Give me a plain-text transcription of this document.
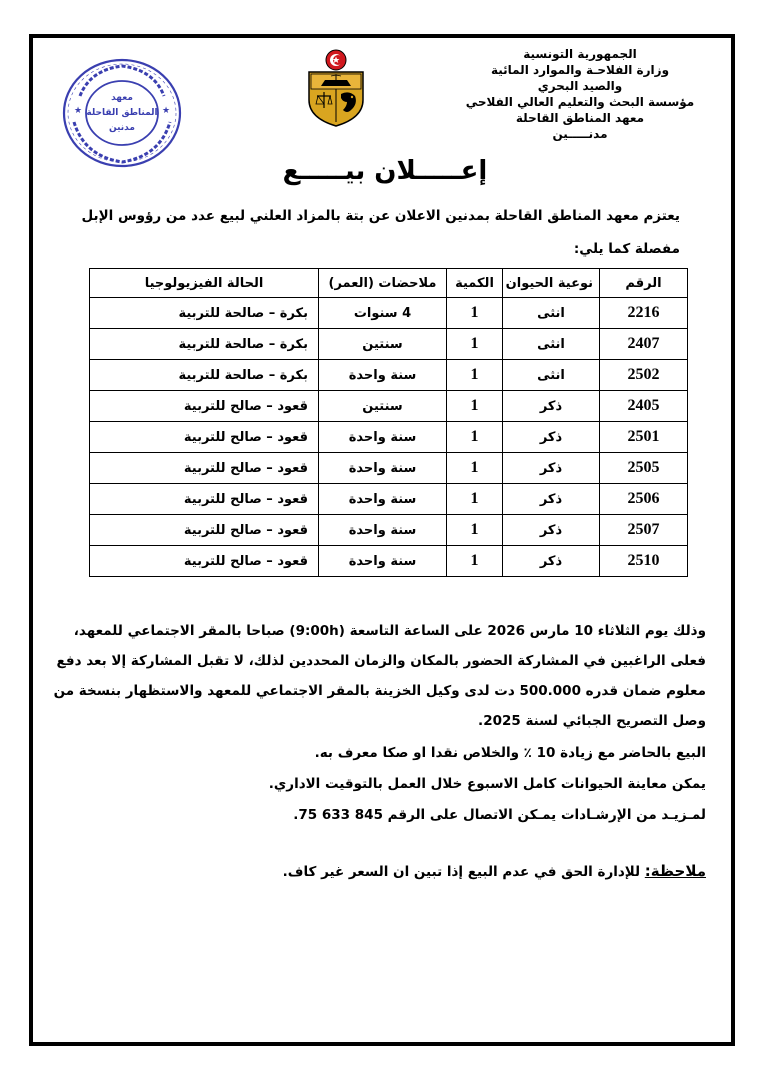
الجمهورية التونسية
وزارة الفلاحـة والموارد المائية
والصيد البحري
مؤسسة البحث والتعليم العالي الفلاحي
معهد المناطق القاحلة
مدنـــــين
معهد
المناطق القاحلة
مدنين
★	★
إعـــــلان بيـــــع
يعتزم معهد المناطق القاحلة بمدنين الاعلان عن بتة بالمزاد العلني لبيع عدد من رؤوس الإبل
مفصلة كما يلي:
الرقم	نوعية الحيوان	الكمية	ملاحضات (العمر)	الحالة الفيزيولوجيا
2216	انثى	1	4 سنوات	بكرة – صالحة للتربية
2407	انثى	1	سنتين	بكرة – صالحة للتربية
2502	انثى	1	سنة واحدة	بكرة – صالحة للتربية
2405	ذكر	1	سنتين	قعود – صالح للتربية
2501	ذكر	1	سنة واحدة	قعود – صالح للتربية
2505	ذكر	1	سنة واحدة	قعود – صالح للتربية
2506	ذكر	1	سنة واحدة	قعود – صالح للتربية
2507	ذكر	1	سنة واحدة	قعود – صالح للتربية
2510	ذكر	1	سنة واحدة	قعود – صالح للتربية

وذلك يوم الثلاثاء 10 مارس 2026 على الساعة التاسعة (9:00h) صباحا بالمقر الاجتماعي للمعهد،

فعلى الراغبين في المشاركة الحضور بالمكان والزمان المحددين لذلك، لا تقبل المشاركة إلا بعد دفع

معلوم ضمان قدره 500.000 دت لدى وكيل الخزينة بالمقر الاجتماعي للمعهد والاستظهار بنسخة من

وصل التصريح الجبائي لسنة 2025.

البيع بالحاضر مع زيادة 10 ٪ والخلاص نقدا او صكا معرف به.

يمكن معاينة الحيوانات كامل الاسبوع خلال العمل بالتوقيت الاداري.

لمـزيـد من الإرشـادات يمـكن الاتصال على الرقم 845 633 75.

ملاحظة: للإدارة الحق في عدم البيع إذا تبين ان السعر غير كاف.
